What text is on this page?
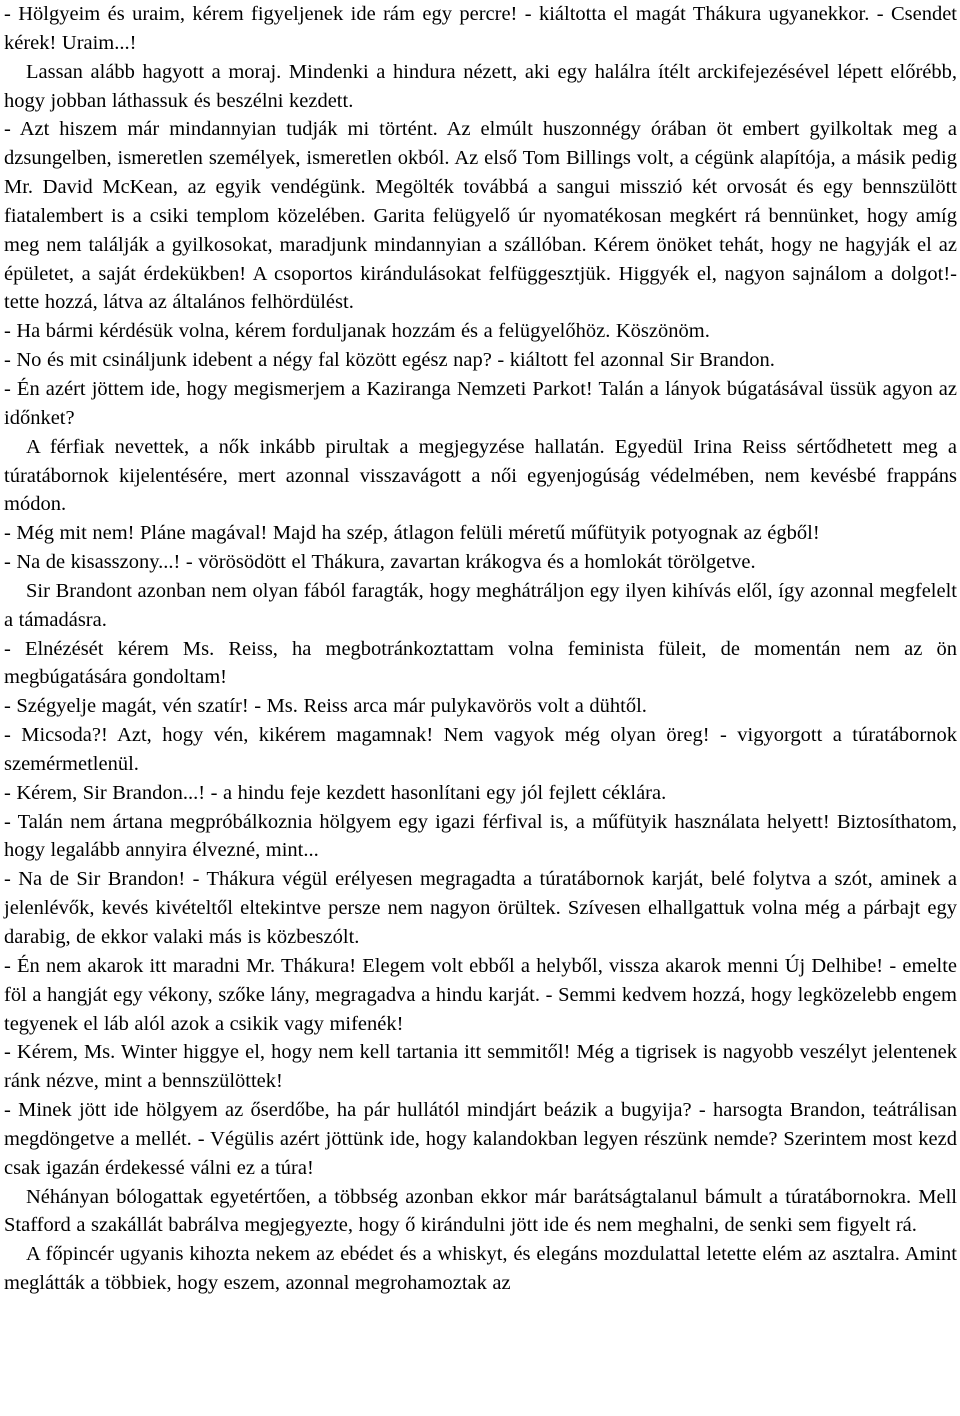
- Hölgyeim és uraim, kérem figyeljenek ide rám egy percre! - kiáltotta el magát Thákura ugyanekkor. - Csendet kérek! Uraim...!

Lassan alább hagyott a moraj. Mindenki a hindura nézett, aki egy halálra ítélt arckifejezésével lépett előrébb, hogy jobban láthassuk és beszélni kezdett.

- Azt hiszem már mindannyian tudják mi történt. Az elmúlt huszonnégy órában öt embert gyilkoltak meg a dzsungelben, ismeretlen személyek, ismeretlen okból. Az első Tom Billings volt, a cégünk alapítója, a másik pedig Mr. David McKean, az egyik vendégünk. Megölték továbbá a sangui misszió két orvosát és egy bennszülött fiatalembert is a csiki templom közelében. Garita felügyelő úr nyomatékosan megkért rá bennünket, hogy amíg meg nem találják a gyilkosokat, maradjunk mindannyian a szállóban. Kérem önöket tehát, hogy ne hagyják el az épületet, a saját érdekükben! A csoportos kirándulásokat felfüggesztjük. Higgyék el, nagyon sajnálom a dolgot!-tette hozzá, látva az általános felhördülést.

- Ha bármi kérdésük volna, kérem forduljanak hozzám és a felügyelőhöz. Köszönöm.

- No és mit csináljunk idebent a négy fal között egész nap? - kiáltott fel azonnal Sir Brandon.

- Én azért jöttem ide, hogy megismerjem a Kaziranga Nemzeti Parkot! Talán a lányok búgatásával üssük agyon az időnket?

A férfiak nevettek, a nők inkább pirultak a megjegyzése hallatán. Egyedül Irina Reiss sértődhetett meg a túratábornok kijelentésére, mert azonnal visszavágott a női egyenjogúság védelmében, nem kevésbé frappáns módon.

- Még mit nem! Pláne magával! Majd ha szép, átlagon felüli méretű műfütyik potyognak az égből!

- Na de kisasszony...! - vörösödött el Thákura, zavartan krákogva és a homlokát törölgetve.

Sir Brandont azonban nem olyan fából faragták, hogy meghátráljon egy ilyen kihívás elől, így azonnal megfelelt a támadásra.

- Elnézését kérem Ms. Reiss, ha megbotránkoztattam volna feminista füleit, de momentán nem az ön megbúgatására gondoltam!

- Szégyelje magát, vén szatír! - Ms. Reiss arca már pulykavörös volt a dühtől.

- Micsoda?! Azt, hogy vén, kikérem magamnak! Nem vagyok még olyan öreg! - vigyorgott a túratábornok szemérmetlenül.

- Kérem, Sir Brandon...! - a hindu feje kezdett hasonlítani egy jól fejlett céklára.

- Talán nem ártana megpróbálkoznia hölgyem egy igazi férfival is, a műfütyik használata helyett! Biztosíthatom, hogy legalább annyira élvezné, mint...

- Na de Sir Brandon! - Thákura végül erélyesen megragadta a túratábornok karját, belé folytva a szót, aminek a jelenlévők, kevés kivételtől eltekintve persze nem nagyon örültek. Szívesen elhallgattuk volna még a párbajt egy darabig, de ekkor valaki más is közbeszólt.

- Én nem akarok itt maradni Mr. Thákura! Elegem volt ebből a helyből, vissza akarok menni Új Delhibe! - emelte föl a hangját egy vékony, szőke lány, megragadva a hindu karját. - Semmi kedvem hozzá, hogy legközelebb engem tegyenek el láb alól azok a csikik vagy mifenék!

- Kérem, Ms. Winter higgye el, hogy nem kell tartania itt semmitől! Még a tigrisek is nagyobb veszélyt jelentenek ránk nézve, mint a bennszülöttek!

- Minek jött ide hölgyem az őserdőbe, ha pár hullától mindjárt beázik a bugyija? - harsogta Brandon, teátrálisan megdöngetve a mellét. - Végülis azért jöttünk ide, hogy kalandokban legyen részünk nemde? Szerintem most kezd csak igazán érdekessé válni ez a túra!

Néhányan bólogattak egyetértően, a többség azonban ekkor már barátságtalanul bámult a túratábornokra. Mell Stafford a szakállát babrálva megjegyezte, hogy ő kirándulni jött ide és nem meghalni, de senki sem figyelt rá.

A főpincér ugyanis kihozta nekem az ebédet és a whiskyt, és elegáns mozdulattal letette elém az asztalra. Amint meglátták a többiek, hogy eszem, azonnal megrohamoztak az
